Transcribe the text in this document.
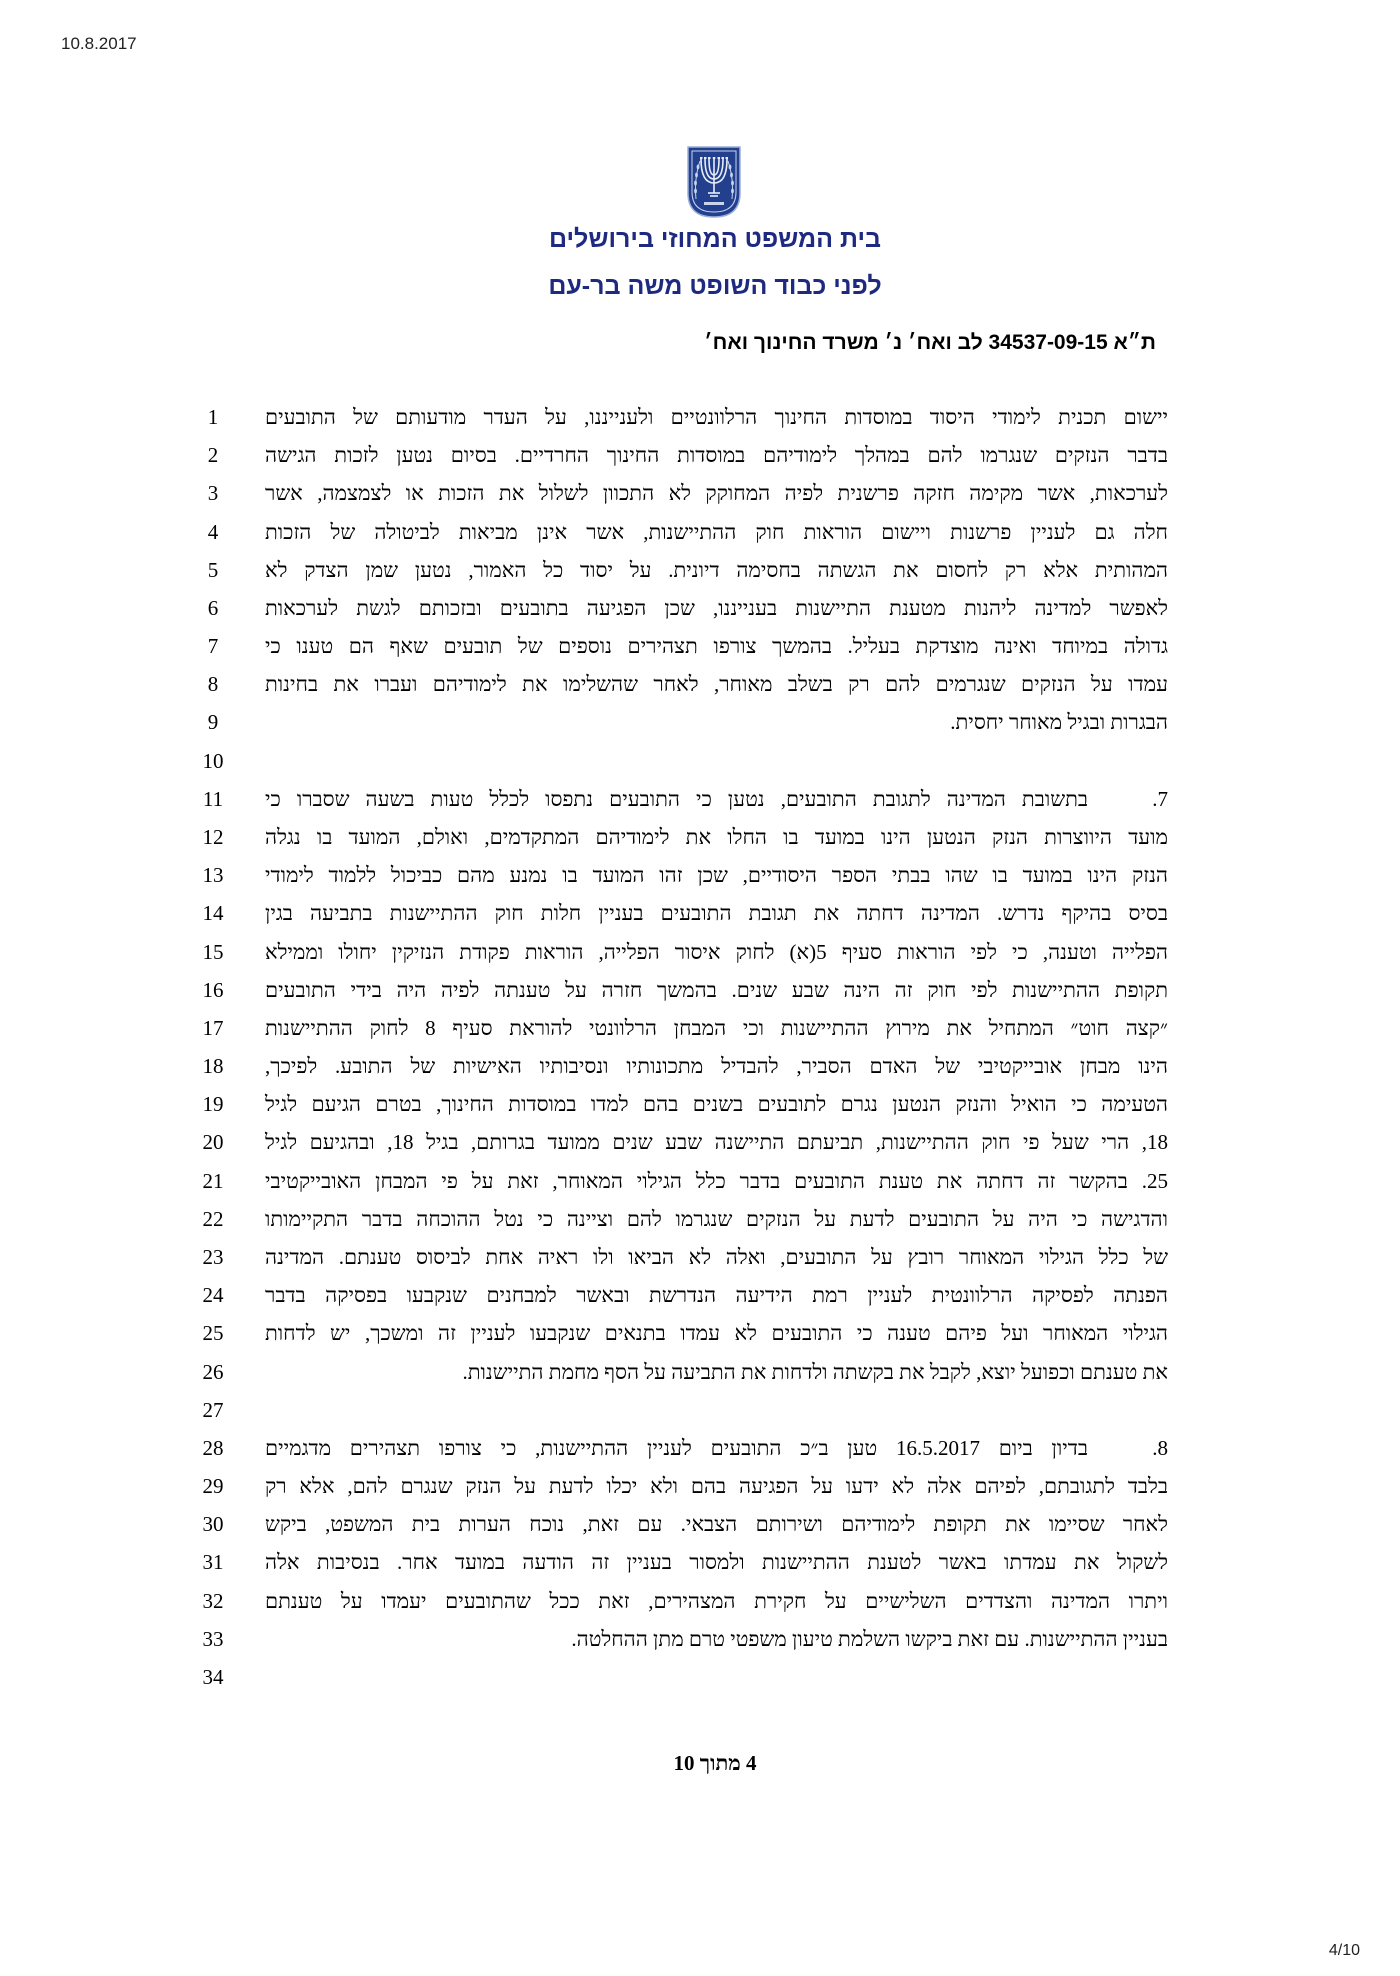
10.8.2017
בית המשפט המחוזי בירושלים
לפני כבוד השופט משה בר-עם
ת״א 34537-09-15 לב ואח׳ נ׳ משרד החינוך ואח׳
1	יישום תכנית לימודי היסוד במוסדות החינוך הרלוונטיים ולענייננו, על העדר מודעותם של התובעים
2	בדבר הנזקים שנגרמו להם במהלך לימודיהם במוסדות החינוך החרדיים. בסיום נטען לזכות הגישה
3	לערכאות, אשר מקימה חזקה פרשנית לפיה המחוקק לא התכוון לשלול את הזכות או לצמצמה, אשר
4	חלה גם לעניין פרשנות ויישום הוראות חוק ההתיישנות, אשר אינן מביאות לביטולה של הזכות
5	המהותית אלא רק לחסום את הגשתה בחסימה דיונית. על יסוד כל האמור, נטען שמן הצדק לא
6	לאפשר למדינה ליהנות מטענת התיישנות בענייננו, שכן הפגיעה בתובעים ובזכותם לגשת לערכאות
7	גדולה במיוחד ואינה מוצדקת בעליל. בהמשך צורפו תצהירים נוספים של תובעים שאף הם טענו כי
8	עמדו על הנזקים שנגרמים להם רק בשלב מאוחר, לאחר שהשלימו את לימודיהם ועברו את בחינות
9	הבגרות ובגיל מאוחר יחסית.
10
11	7.
בתשובת המדינה לתגובת התובעים, נטען כי התובעים נתפסו לכלל טעות בשעה שסברו כי
12	מועד היווצרות הנזק הנטען הינו במועד בו החלו את לימודיהם המתקדמים, ואולם, המועד בו נגלה
13	הנזק הינו במועד בו שהו בבתי הספר היסודיים, שכן זהו המועד בו נמנע מהם כביכול ללמוד לימודי
14	בסיס בהיקף נדרש. המדינה דחתה את תגובת התובעים בעניין חלות חוק ההתיישנות בתביעה בגין
15	הפלייה וטענה, כי לפי הוראות סעיף 5(א) לחוק איסור הפלייה, הוראות פקודת הנזיקין יחולו וממילא
16	תקופת ההתיישנות לפי חוק זה הינה שבע שנים. בהמשך חזרה על טענתה לפיה היה בידי התובעים
17	״קצה חוט״ המתחיל את מירוץ ההתיישנות וכי המבחן הרלוונטי להוראת סעיף 8 לחוק ההתיישנות
18	הינו מבחן אובייקטיבי של האדם הסביר, להבדיל מתכונותיו ונסיבותיו האישיות של התובע. לפיכך,
19	הטעימה כי הואיל והנזק הנטען נגרם לתובעים בשנים בהם למדו במוסדות החינוך, בטרם הגיעם לגיל
20	18, הרי שעל פי חוק ההתיישנות, תביעתם התיישנה שבע שנים ממועד בגרותם, בגיל 18, ובהגיעם לגיל
21	25. בהקשר זה דחתה את טענת התובעים בדבר כלל הגילוי המאוחר, זאת על פי המבחן האובייקטיבי
22	והדגישה כי היה על התובעים לדעת על הנזקים שנגרמו להם וציינה כי נטל ההוכחה בדבר התקיימותו
23	של כלל הגילוי המאוחר רובץ על התובעים, ואלה לא הביאו ולו ראיה אחת לביסוס טענתם. המדינה
24	הפנתה לפסיקה הרלוונטית לעניין רמת הידיעה הנדרשת ובאשר למבחנים שנקבעו בפסיקה בדבר
25	הגילוי המאוחר ועל פיהם טענה כי התובעים לא עמדו בתנאים שנקבעו לעניין זה ומשכך, יש לדחות
26	את טענתם וכפועל יוצא, לקבל את בקשתה ולדחות את התביעה על הסף מחמת התיישנות.
27
28	8.
בדיון ביום 16.5.2017 טען ב״כ התובעים לעניין ההתיישנות, כי צורפו תצהירים מדגמיים
29	בלבד לתגובתם, לפיהם אלה לא ידעו על הפגיעה בהם ולא יכלו לדעת על הנזק שנגרם להם, אלא רק
30	לאחר שסיימו את תקופת לימודיהם ושירותם הצבאי. עם זאת, נוכח הערות בית המשפט, ביקש
31	לשקול את עמדתו באשר לטענת ההתיישנות ולמסור בעניין זה הודעה במועד אחר. בנסיבות אלה
32	ויתרו המדינה והצדדים השלישיים על חקירת המצהירים, זאת ככל שהתובעים יעמדו על טענתם
33	בעניין ההתיישנות. עם זאת ביקשו השלמת טיעון משפטי טרם מתן ההחלטה.
34
4 מתוך 10
4/10
